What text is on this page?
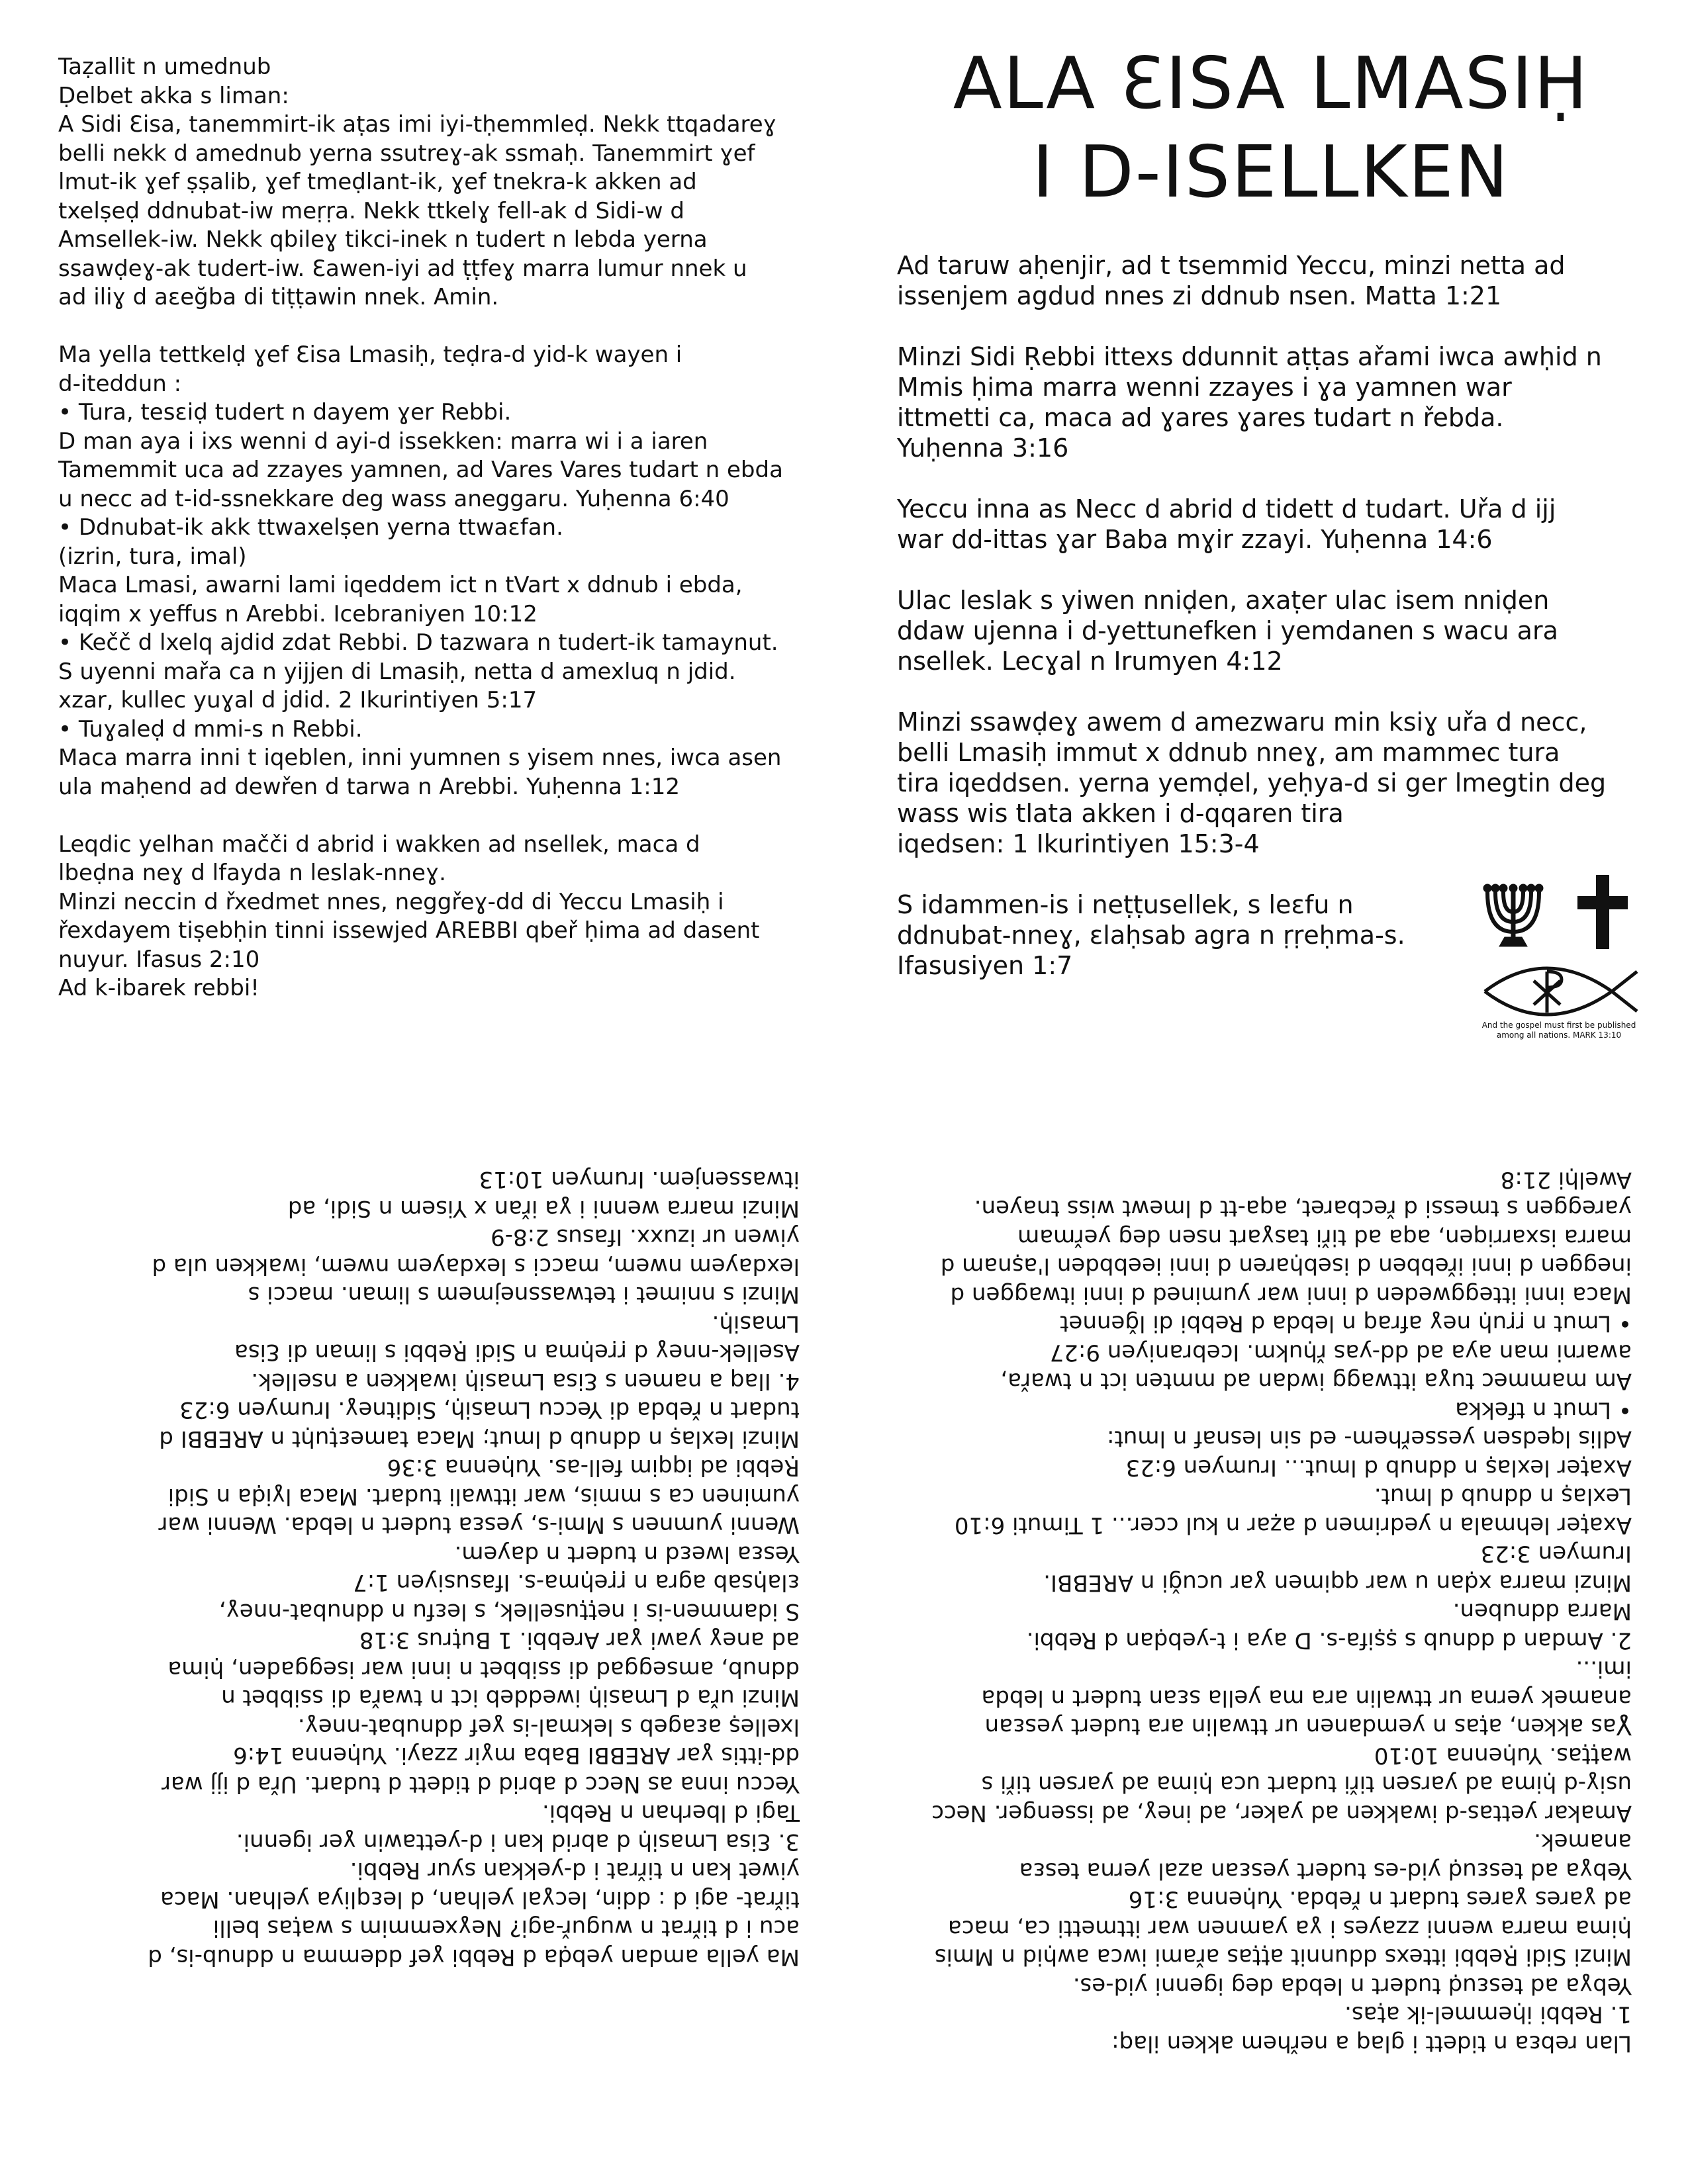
Taẓallit n umednub
Ḍelbet akka s liman:
A Sidi Ɛisa, tanemmirt-ik aṭas imi iyi-tḥemmleḍ. Nekk ttqadareɣ
belli nekk d amednub yerna ssutreɣ-ak ssmaḥ. Tanemmirt ɣef
lmut-ik ɣef ṣṣalib, ɣef tmeḍlant-ik, ɣef tnekra-k akken ad
txelṣeḍ ddnubat-iw meṛṛa. Nekk ttkelɣ fell-ak d Sidi-w d
Amsellek-iw. Nekk qbileɣ tikci-inek n tudert n lebda yerna
ssawḍeɣ-ak tudert-iw. Ɛawen-iyi ad ṭṭfeɣ marra lumur nnek u
ad iliɣ d aɛeğba di tiṭṭawin nnek. Amin.
Ma yella tettkelḍ ɣef Ɛisa Lmasiḥ, teḍra-d yid-k wayen i
d-iteddun :
• Tura, tesɛiḍ tudert n dayem ɣer Rebbi.
D man aya i ixs wenni d ayi-d issekken: marra wi i a iaren
Tamemmit uca ad zzayes yamnen, ad Vares Vares tudart n ebda
u necc ad t-id-ssnekkare deg wass aneggaru. Yuḥenna 6:40
• Ddnubat-ik akk ttwaxelṣen yerna ttwaɛfan.
(izrin, tura, imal)
Maca Lmasi, awarni lami iqeddem ict n tVart x ddnub i ebda,
iqqim x yeffus n Arebbi. Icebraniyen 10:12
• Kečč d lxelq ajdid zdat Rebbi. D tazwara n tudert-ik tamaynut.
S uyenni mařa ca n yijjen di Lmasiḥ, netta d amexluq n jdid.
xzar, kullec yuɣal d jdid. 2 Ikurintiyen 5:17
• Tuɣaleḍ d mmi-s n Rebbi.
Maca marra inni t iqeblen, inni yumnen s yisem nnes, iwca asen
ula maḥend ad dewřen d tarwa n Arebbi. Yuḥenna 1:12
Leqdic yelhan mačči d abrid i wakken ad nsellek, maca d
lbeḍna neɣ d lfayda n leslak-nneɣ.
Minzi neccin d řxedmet nnes, neggřeɣ-dd di Yeccu Lmasiḥ i
řexdayem tiṣebḥin tinni issewjed AREBBI qbeř ḥima ad dasent
nuyur. Ifasus 2:10
Ad k-ibarek rebbi!
ALA ƐISA LMASIḤ
I D-ISELLKEN
Ad taruw aḥenjir, ad t tsemmid Yeccu, minzi netta ad
issenjem agdud nnes zi ddnub nsen. Matta 1:21
Minzi Sidi Ṛebbi ittexs ddunnit aṭṭas ařami iwca awḥid n
Mmis ḥima marra wenni zzayes i ɣa yamnen war
ittmetti ca, maca ad ɣares ɣares tudart n řebda.
Yuḥenna 3:16
Yeccu inna as Necc d abrid d tidett d tudart. Uřa d ijj
war dd-ittas ɣar Baba mɣir zzayi. Yuḥenna 14:6
Ulac leslak s yiwen nniḍen, axaṭer ulac isem nniḍen
ddaw ujenna i d-yettunefken i yemdanen s wacu ara
nsellek. Lecɣal n Irumyen 4:12
Minzi ssawḍeɣ awem d amezwaru min ksiɣ uřa d necc,
belli Lmasiḥ immut x ddnub nneɣ, am mammec tura
tira iqeddsen. yerna yemḍel, yeḥya-d si ger lmegtin deg
wass wis tlata akken i d-qqaren tira
iqedsen: 1 Ikurintiyen 15:3-4
S idammen-is i neṭṭusellek, s leɛfu n
ddnubat-nneɣ, ɛlaḥsab agra n ṛṛeḥma-s.
Ifasusiyen 1:7
And the gospel must first be published
among all nations. MARK 13:10
Ma yella amdan yebḍa d Rebbi ɣef ddemma n ddnub-is, d
acu i d tiřrat n wuguř-agi? Neɣxemmim s waṭas belli
tiřrat- agi d : ddin, lecɣal yelhan, d leɛqliya yelhan. Maca
yiwet kan n tiřrat i d-yekkan syur Rebbi.
3. Ɛisa Lmasiḥ d abrid kan i d-yettawin ɣer igenni.
Tagi d lberhan n Rebbi.
Yeccu inna as Necc d abrid d tidett d tudart. Uřa d ijj war
dd-ittis ɣar AREBBI Baba mɣir zzayi. Yuḥenna 14:6
lxelleṣ aɛageb s lekmal-is ɣef ddnubat-nneɣ.
Minzi uřa d Lmasiḥ iweddeb ict n twařa di ssibbet n
ddnub, amseggad di ssibbet n inni war iseggaden, ḥima
ad aneɣ yawi ɣar Arebbi. 1 Buṭrus 3:18
S idammen-is i neṭṭusellek, s leɛfu n ddnubat-nneɣ,
ɛlaḥsab agra n ṛṛeḥma-s. Ifasusiyen 1:7
Yesɛa lweɛd n tudert n dayem.
Wenni yumnen s Mmi-s, yesɛa tudert n lebda. Wenni war
yuminen ca s mmis, war ittwali tudart. Maca lɣiḍa n Sidi
Ṛebbi ad iqqim fell-as. Yuḥenna 3:36
Minzi lexlaṣ n ddnub d lmut; Maca tameɛṭuḥt n AREBBI d
tudart n řebda di Yeccu Lmasiḥ, Siditneɣ. Irumyen 6:23
4. Ilaq a namen s Ɛisa Lmasiḥ iwakken a nsellek.
Asellek-nneɣ d ṛṛeḥma n Sidi Ṛebbi s liman di Ɛisa
Lmasiḥ.
Minzi s nnimet i tetwassnejmem s liman. macci s
lexdayem nwem, macci s lexdayem nwem, iwakken ula d
yiwen ur izuxx. Ifasus 2:8-9
Minzi marra wenni i ɣa iřan x Yisem n Sidi, ad
itwassenjem. Irumyen 10:13
Llan rebɛa n tidett i glaq a neřhem akken ilaq:
1. Rebbi iḥemmel-ik aṭas.
Yebɣa ad tesɛuḍ tudert n lebda deg igenni yid-es.
Minzi Sidi Ṛebbi ittexs ddunnit aṭṭas ařami iwca awḥid n Mmis
ḥima marra wenni zzayes i ɣa yamnen war ittmetti ca, maca
ad ɣares ɣares tudart n řebda. Yuḥenna 3:16
Yebɣa ad tesɛuḍ yid-es tudert yesɛan azal yerna tesɛa
anamek.
Amakar yettas-d iwakken ad yaker, ad ineɣ, ad issenger. Necc
usiɣ-d ḥima ad yarsen tiři tudart uca ḥima ad yarsen tiři s
waṭṭas. Yuḥenna 10:10
Ɣas akken, aṭas n yemdanen ur ttwalin ara tudert yesɛan
anamek yerna ur ttwalin ara ma yella sɛan tudert n lebda
imi...
2. Amdan d ddnub s ṣṣifa-s. D aya i t-yebḍan d Rebbi.
Marra ddnuben.
Minzi marra xḍan u war qqimen ɣar ucuǧi n AREBBI.
Irumyen 3:23
Axaṭer lehmala n yedrimen d aẓar n kul ccer... 1 Timuti 6:10
Lexlaṣ n ddnub d lmut.
Axaṭer lexlaṣ n ddnub d lmut... Irumyen 6:23
Adlis lqedsen yesseřhem- ed sin lesnaf n lmut:
• Lmut n tfekka
Am mammec tuɣa ittwagg iwdan ad mmten ict n twařa,
awarni man aya ad dd-yas řḥukm. Icebraniyen 9:27
• Lmut n ṛṛuḥ neɣ afraq n lebda d Rebbi di lǧennet
Maca inni itteggweden d inni war yumined d inni itwaggen d
ineggen d inni iřebben d isebḥaren d inni ieebbden l'aṣnam d
marra isxarriqen, aqa ad tiři tasɣart nsen deg yeřmam
yareggen s tmessi d řecbaret, aqa-tt d lmewt wiss tnayen.
Awelḥi 21:8
